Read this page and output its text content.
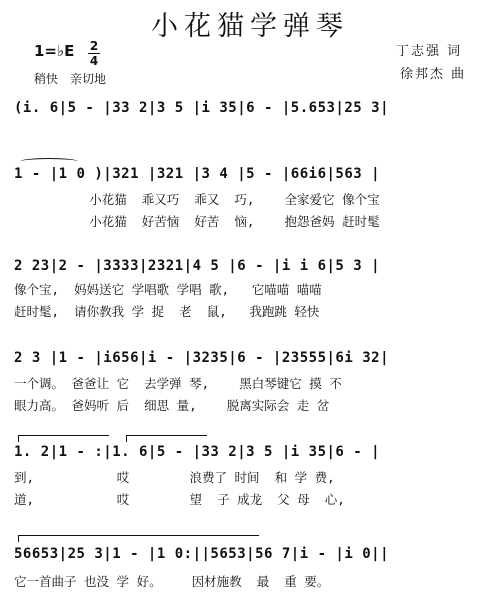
小花猫学弹琴
1=♭E 2
4
稍快 亲切地
丁志强 词
徐邦杰 曲
(i. 6|5 - |33 2|3 5 |i 35|6 - |5.653|25 3|
1 - |1 0 )|321 |321 |3 4 |5 - |66i6|563 |
小花猫  乖又巧  乖又  巧,    全家爱它 像个宝
小花猫  好苦恼  好苦  恼,    抱怨爸妈 赶时髦
2 23|2 - |3333|2321|4 5 |6 - |i i 6|5 3 |
像个宝,  妈妈送它 学唱歌 学唱 歌,   它喵喵 喵喵
赶时髦,  请你教我 学 捉  老  鼠,   我跑跳 轻快
2 3 |1 - |i656|i - |3235|6 - |23555|6i 32|
一个调。 爸爸让 它  去学弹 琴,    黑白琴键它 摸 不
眼力高。 爸妈听 后  细思 量,    脱离实际会 走 岔
1. 2|1 - :|1. 6|5 - |33 2|3 5 |i 35|6 - |
到,           哎        浪费了 时间  和 学 费,
道,           哎        望  子 成龙  父 母  心,
56653|25 3|1 - |1 0:||5653|56 7|i - |i 0||
它一首曲子 也没 学 好。    因材施教  最  重 要。
